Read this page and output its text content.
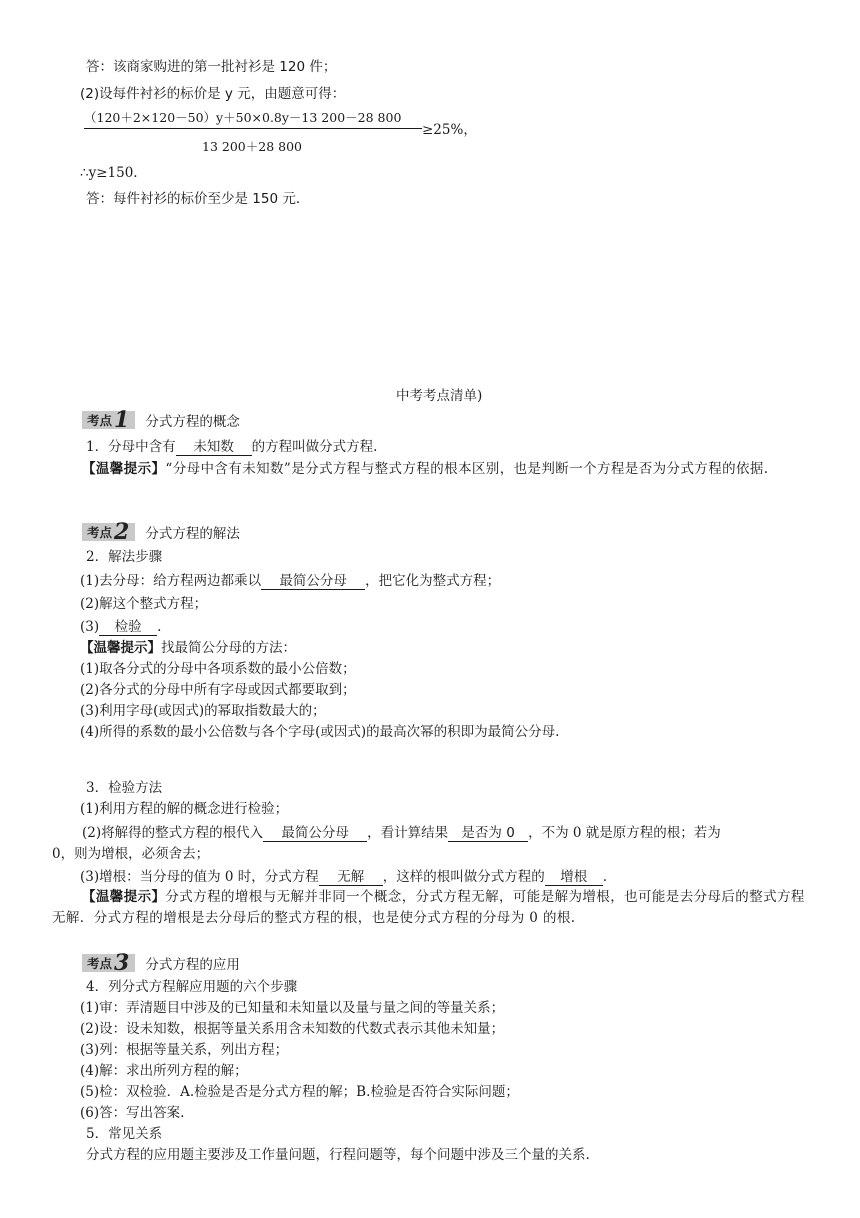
答：该商家购进的第一批衬衫是 120 件；
(2)设每件衬衫的标价是 y 元，由题意可得：
（120＋2×120－50）y＋50×0.8y－13 200－28 800
13 200＋28 800
≥25%，
∴y≥150.
答：每件衬衫的标价至少是 150 元．
中考考点清单)
考点 1 分式方程的概念
1．分母中含有 未知数 的方程叫做分式方程.
【温馨提示】“分母中含有未知数”是分式方程与整式方程的根本区别，也是判断一个方程是否为分式方程的依据.
考点 2 分式方程的解法
2．解法步骤
(1)去分母：给方程两边都乘以 最简公分母 ，把它化为整式方程；
(2)解这个整式方程；
(3) 检验 .
【温馨提示】找最简公分母的方法：
(1)取各分式的分母中各项系数的最小公倍数；
(2)各分式的分母中所有字母或因式都要取到；
(3)利用字母(或因式)的幂取指数最大的；
(4)所得的系数的最小公倍数与各个字母(或因式)的最高次幂的积即为最简公分母.
3．检验方法
(1)利用方程的解的概念进行检验；
(2)将解得的整式方程的根代入 最简公分母 ，看计算结果 是否为 0 ，不为 0 就是原方程的根；若为
0，则为增根，必须舍去；
(3)增根：当分母的值为 0 时，分式方程 无解 ，这样的根叫做分式方程的 增根 .
【温馨提示】分式方程的增根与无解并非同一个概念，分式方程无解，可能是解为增根，也可能是去分母后的整式方程无解．分式方程的增根是去分母后的整式方程的根，也是使分式方程的分母为 0 的根.
考点 3 分式方程的应用
4．列分式方程解应用题的六个步骤
(1)审：弄清题目中涉及的已知量和未知量以及量与量之间的等量关系；
(2)设：设未知数，根据等量关系用含未知数的代数式表示其他未知量；
(3)列：根据等量关系，列出方程；
(4)解：求出所列方程的解；
(5)检：双检验．A.检验是否是分式方程的解；B.检验是否符合实际问题；
(6)答：写出答案.
5．常见关系
分式方程的应用题主要涉及工作量问题，行程问题等，每个问题中涉及三个量的关系.
